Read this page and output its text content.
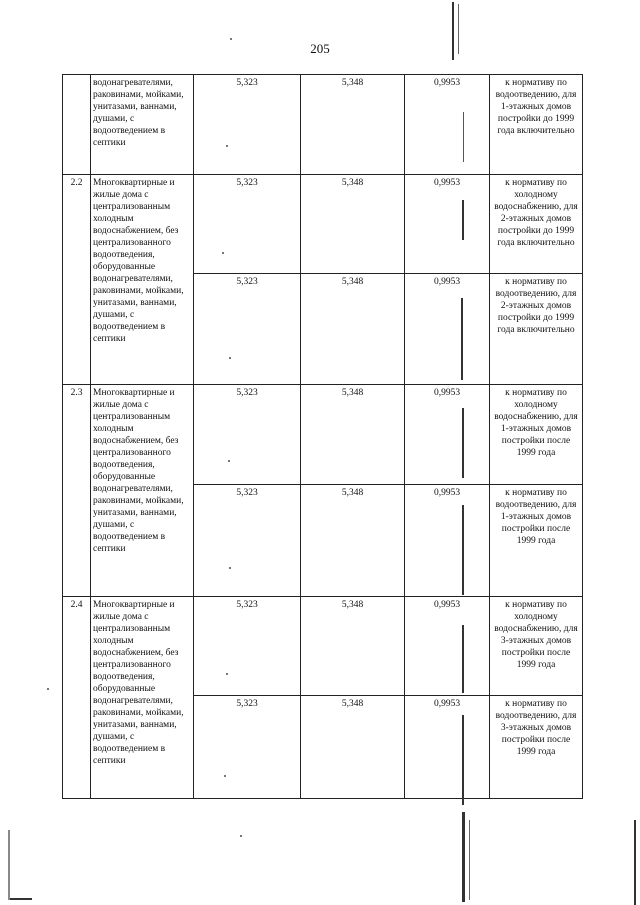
205
	водонагревателями, раковинами, мойками, унитазами, ваннами, душами, с водоотведением в септики	5,323	5,348	0,9953	к нормативу по водоотведению, для 1-этажных домов постройки до 1999 года включительно
2.2	Многоквартирные и жилые дома с централизованным холодным водоснабжением, без централизованного водоотведения, оборудованные водонагревателями, раковинами, мойками, унитазами, ваннами, душами, с водоотведением в септики	5,323	5,348	0,9953	к нормативу по холодному водоснабжению, для 2-этажных домов постройки до 1999 года включительно
		5,323	5,348	0,9953	к нормативу по водоотведению, для 2-этажных домов постройки до 1999 года включительно
2.3	Многоквартирные и жилые дома с централизованным холодным водоснабжением, без централизованного водоотведения, оборудованные водонагревателями, раковинами, мойками, унитазами, ваннами, душами, с водоотведением в септики	5,323	5,348	0,9953	к нормативу по холодному водоснабжению, для 1-этажных домов постройки после 1999 года
		5,323	5,348	0,9953	к нормативу по водоотведению, для 1-этажных домов постройки после 1999 года
2.4	Многоквартирные и жилые дома с централизованным холодным водоснабжением, без централизованного водоотведения, оборудованные водонагревателями, раковинами, мойками, унитазами, ваннами, душами, с водоотведением в септики	5,323	5,348	0,9953	к нормативу по холодному водоснабжению, для 3-этажных домов постройки после 1999 года
		5,323	5,348	0,9953	к нормативу по водоотведению, для 3-этажных домов постройки после 1999 года
